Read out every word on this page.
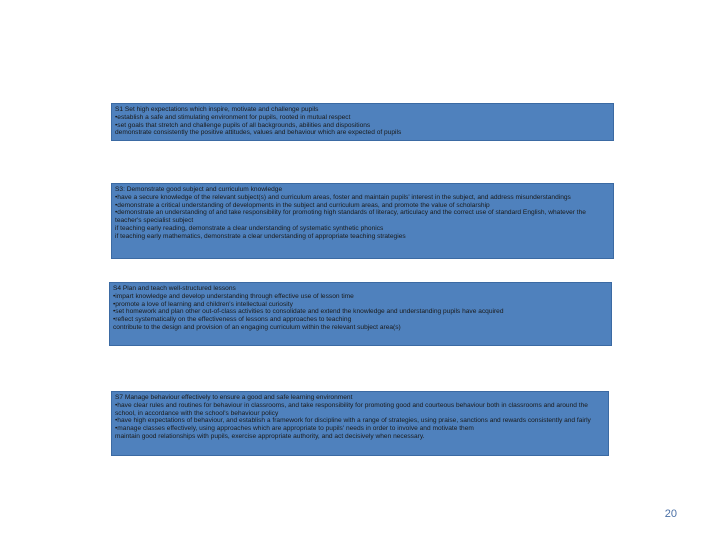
S1 Set high expectations which inspire, motivate and challenge pupils
•establish a safe and stimulating environment for pupils, rooted in mutual respect
•set goals that stretch and challenge pupils of all backgrounds, abilities and dispositions
demonstrate consistently the positive attitudes, values and behaviour which are expected of pupils
S3: Demonstrate good subject and curriculum knowledge
•have a secure knowledge of the relevant subject(s) and curriculum areas, foster and maintain pupils' interest in the subject, and address misunderstandings
•demonstrate a critical understanding of developments in the subject and curriculum areas, and promote the value of scholarship
•demonstrate an understanding of and take responsibility for promoting high standards of literacy, articulacy and the correct use of standard English, whatever the teacher's specialist subject
if teaching early reading, demonstrate a clear understanding of systematic synthetic phonics
if teaching early mathematics, demonstrate a clear understanding of appropriate teaching strategies
S4 Plan and teach well-structured lessons
•impart knowledge and develop understanding through effective use of lesson time
•promote a love of learning and children's intellectual curiosity
•set homework and plan other out-of-class activities to consolidate and extend the knowledge and understanding pupils have acquired
•reflect systematically on the effectiveness of lessons and approaches to teaching
contribute to the design and provision of an engaging curriculum within the relevant subject area(s)
S7 Manage behaviour effectively to ensure a good and safe learning environment
•have clear rules and routines for behaviour in classrooms, and take responsibility for promoting good and courteous behaviour both in classrooms and around the school, in accordance with the school's behaviour policy
•have high expectations of behaviour, and establish a framework for discipline with a range of strategies, using praise, sanctions and rewards consistently and fairly
•manage classes effectively, using approaches which are appropriate to pupils' needs in order to involve and motivate them
maintain good relationships with pupils, exercise appropriate authority, and act decisively when necessary.
20
